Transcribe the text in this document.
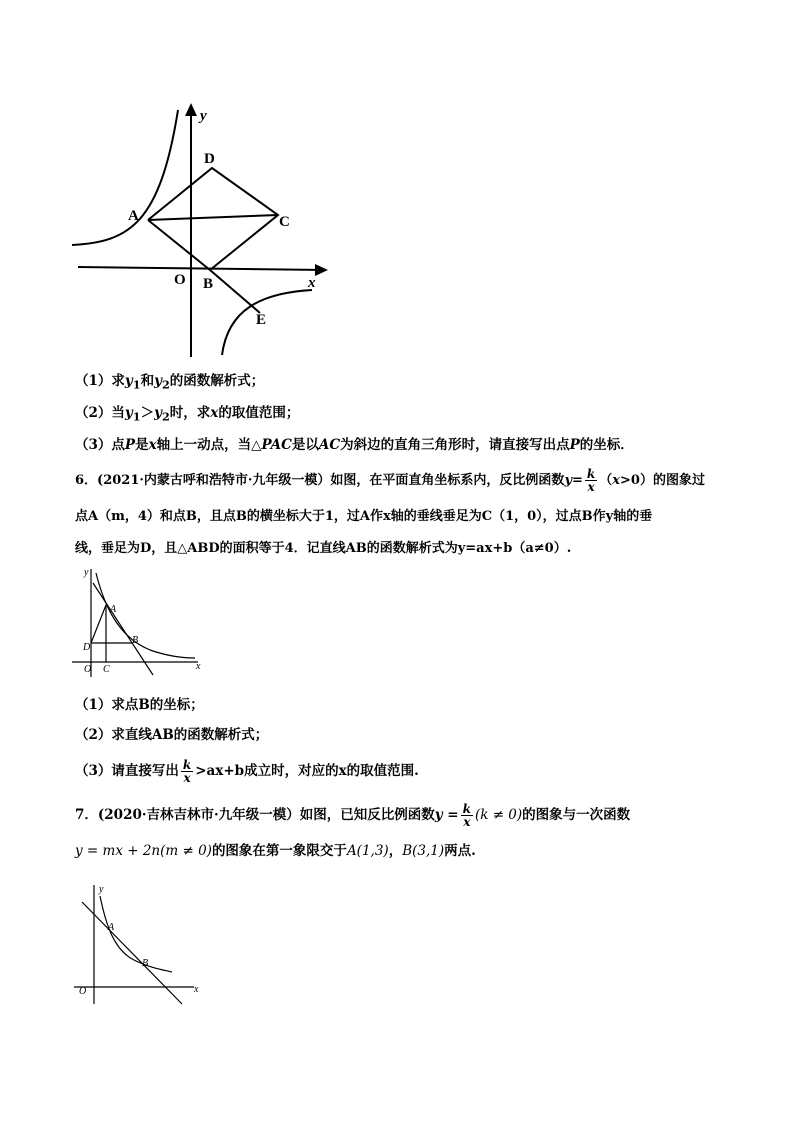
y
x
O
A
B
C
D
E
（1）求$y_1$和$y_2$的函数解析式；
（2）当$y_1>y_2$时，求x的取值范围；
（3）点P是x轴上一动点，当△PAC是以AC为斜边的直角三角形时，请直接写出点P的坐标．
6．(2021·内蒙古呼和浩特市·九年级一模）如图，在平面直角坐标系内，反比例函数$y= \frac{k}{x} (x>0)$的图象过
点A（m，4）和点B，且点B的横坐标大于1，过A作x轴的垂线垂足为C（1，0），过点B作y轴的垂
线，垂足为D，且△ABD的面积等于4．记直线AB的函数解析式为y=ax+b（a≠0）.
y
x
O
A
B
C
D
（1）求点B的坐标；
（2）求直线AB的函数解析式；
（3）请直接写出 $\frac{k}{x} >ax+b$成立时，对应的x的取值范围.
7．(2020·吉林吉林市·九年级一模）如图，已知反比例函数$y = \frac{k}{x} (k \ne 0)$的图象与一次函数
y = mx + 2n(m ≠ 0)的图象在第一象限交于A(1,3)，B(3,1)两点.
y
x
O
A
B
